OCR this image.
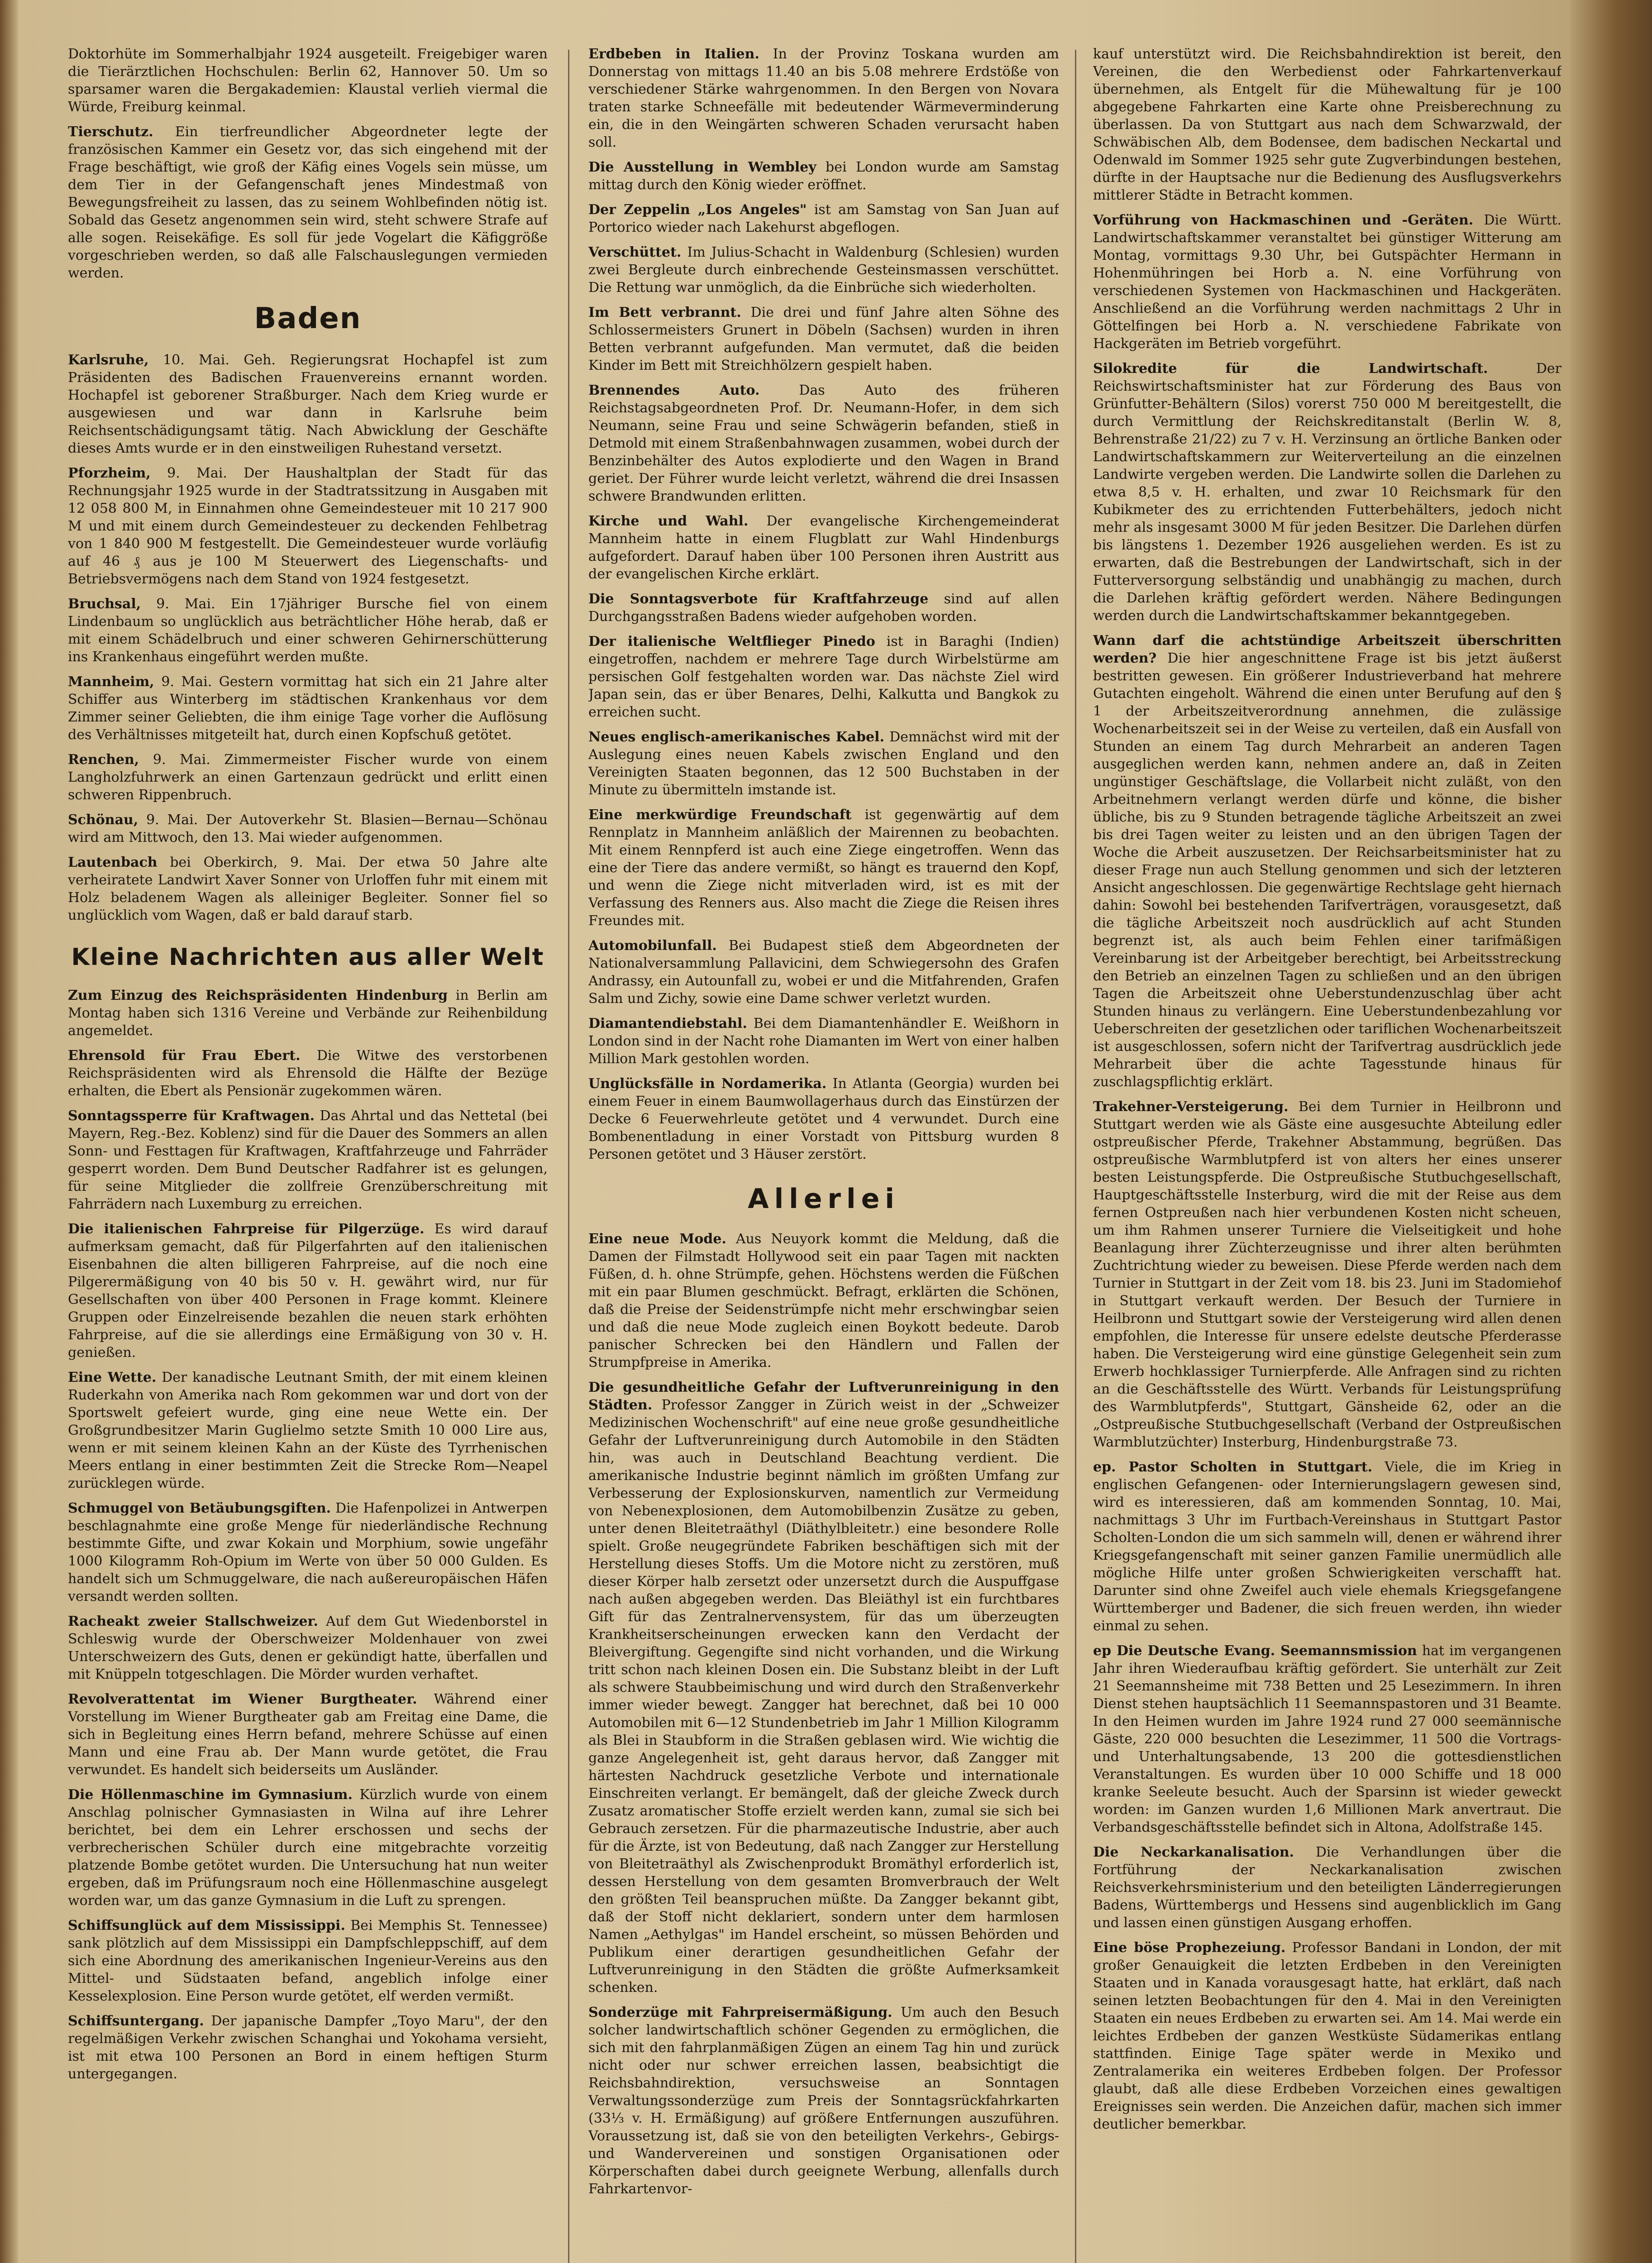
Doktorhüte im Sommerhalbjahr 1924 ausgeteilt. Freigebiger waren die Tierärztlichen Hochschulen: Berlin 62, Hannover 50. Um so sparsamer waren die Bergakademien: Klaustal verlieh viermal die Würde, Freiburg keinmal.

Tierschutz. Ein tierfreundlicher Abgeordneter legte der französischen Kammer ein Gesetz vor, das sich eingehend mit der Frage beschäftigt, wie groß der Käfig eines Vogels sein müsse, um dem Tier in der Gefangenschaft jenes Mindestmaß von Bewegungsfreiheit zu lassen, das zu seinem Wohlbefinden nötig ist. Sobald das Gesetz angenommen sein wird, steht schwere Strafe auf alle sogen. Reisekäfige. Es soll für jede Vogelart die Käfiggröße vorgeschrieben werden, so daß alle Falschauslegungen vermieden werden.

Baden

Karlsruhe, 10. Mai. Geh. Regierungsrat Hochapfel ist zum Präsidenten des Badischen Frauenvereins ernannt worden. Hochapfel ist geborener Straßburger. Nach dem Krieg wurde er ausgewiesen und war dann in Karlsruhe beim Reichsentschädigungsamt tätig. Nach Abwicklung der Geschäfte dieses Amts wurde er in den einstweiligen Ruhestand versetzt.

Pforzheim, 9. Mai. Der Haushaltplan der Stadt für das Rechnungsjahr 1925 wurde in der Stadtratssitzung in Ausgaben mit 12 058 800 M, in Einnahmen ohne Gemeindesteuer mit 10 217 900 M und mit einem durch Gemeindesteuer zu deckenden Fehlbetrag von 1 840 900 M festgestellt. Die Gemeindesteuer wurde vorläufig auf 46 ₰ aus je 100 M Steuerwert des Liegenschafts- und Betriebsvermögens nach dem Stand von 1924 festgesetzt.

Bruchsal, 9. Mai. Ein 17jähriger Bursche fiel von einem Lindenbaum so unglücklich aus beträchtlicher Höhe herab, daß er mit einem Schädelbruch und einer schweren Gehirnerschütterung ins Krankenhaus eingeführt werden mußte.

Mannheim, 9. Mai. Gestern vormittag hat sich ein 21 Jahre alter Schiffer aus Winterberg im städtischen Krankenhaus vor dem Zimmer seiner Geliebten, die ihm einige Tage vorher die Auflösung des Verhältnisses mitgeteilt hat, durch einen Kopfschuß getötet.

Renchen, 9. Mai. Zimmermeister Fischer wurde von einem Langholzfuhrwerk an einen Gartenzaun gedrückt und erlitt einen schweren Rippenbruch.

Schönau, 9. Mai. Der Autoverkehr St. Blasien—Bernau—Schönau wird am Mittwoch, den 13. Mai wieder aufgenommen.

Lautenbach bei Oberkirch, 9. Mai. Der etwa 50 Jahre alte verheiratete Landwirt Xaver Sonner von Urloffen fuhr mit einem mit Holz beladenem Wagen als alleiniger Begleiter. Sonner fiel so unglücklich vom Wagen, daß er bald darauf starb.

Kleine Nachrichten aus aller Welt

Zum Einzug des Reichspräsidenten Hindenburg in Berlin am Montag haben sich 1316 Vereine und Verbände zur Reihenbildung angemeldet.

Ehrensold für Frau Ebert. Die Witwe des verstorbenen Reichspräsidenten wird als Ehrensold die Hälfte der Bezüge erhalten, die Ebert als Pensionär zugekommen wären.

Sonntagssperre für Kraftwagen. Das Ahrtal und das Nettetal (bei Mayern, Reg.-Bez. Koblenz) sind für die Dauer des Sommers an allen Sonn- und Festtagen für Kraftwagen, Kraftfahrzeuge und Fahrräder gesperrt worden. Dem Bund Deutscher Radfahrer ist es gelungen, für seine Mitglieder die zollfreie Grenzüberschreitung mit Fahrrädern nach Luxemburg zu erreichen.

Die italienischen Fahrpreise für Pilgerzüge. Es wird darauf aufmerksam gemacht, daß für Pilgerfahrten auf den italienischen Eisenbahnen die alten billigeren Fahrpreise, auf die noch eine Pilgerermäßigung von 40 bis 50 v. H. gewährt wird, nur für Gesellschaften von über 400 Personen in Frage kommt. Kleinere Gruppen oder Einzelreisende bezahlen die neuen stark erhöhten Fahrpreise, auf die sie allerdings eine Ermäßigung von 30 v. H. genießen.

Eine Wette. Der kanadische Leutnant Smith, der mit einem kleinen Ruderkahn von Amerika nach Rom gekommen war und dort von der Sportswelt gefeiert wurde, ging eine neue Wette ein. Der Großgrundbesitzer Marin Guglielmo setzte Smith 10 000 Lire aus, wenn er mit seinem kleinen Kahn an der Küste des Tyrrhenischen Meers entlang in einer bestimmten Zeit die Strecke Rom—Neapel zurücklegen würde.

Schmuggel von Betäubungsgiften. Die Hafenpolizei in Antwerpen beschlagnahmte eine große Menge für niederländische Rechnung bestimmte Gifte, und zwar Kokain und Morphium, sowie ungefähr 1000 Kilogramm Roh-Opium im Werte von über 50 000 Gulden. Es handelt sich um Schmuggelware, die nach außereuropäischen Häfen versandt werden sollten.

Racheakt zweier Stallschweizer. Auf dem Gut Wiedenborstel in Schleswig wurde der Oberschweizer Moldenhauer von zwei Unterschweizern des Guts, denen er gekündigt hatte, überfallen und mit Knüppeln totgeschlagen. Die Mörder wurden verhaftet.

Revolverattentat im Wiener Burgtheater. Während einer Vorstellung im Wiener Burgtheater gab am Freitag eine Dame, die sich in Begleitung eines Herrn befand, mehrere Schüsse auf einen Mann und eine Frau ab. Der Mann wurde getötet, die Frau verwundet. Es handelt sich beiderseits um Ausländer.

Die Höllenmaschine im Gymnasium. Kürzlich wurde von einem Anschlag polnischer Gymnasiasten in Wilna auf ihre Lehrer berichtet, bei dem ein Lehrer erschossen und sechs der verbrecherischen Schüler durch eine mitgebrachte vorzeitig platzende Bombe getötet wurden. Die Untersuchung hat nun weiter ergeben, daß im Prüfungsraum noch eine Höllenmaschine ausgelegt worden war, um das ganze Gymnasium in die Luft zu sprengen.

Schiffsunglück auf dem Mississippi. Bei Memphis St. Tennessee) sank plötzlich auf dem Mississippi ein Dampfschleppschiff, auf dem sich eine Abordnung des amerikanischen Ingenieur-Vereins aus den Mittel- und Südstaaten befand, angeblich infolge einer Kesselexplosion. Eine Person wurde getötet, elf werden vermißt.

Schiffsuntergang. Der japanische Dampfer „Toyo Maru", der den regelmäßigen Verkehr zwischen Schanghai und Yokohama versieht, ist mit etwa 100 Personen an Bord in einem heftigen Sturm untergegangen.

Erdbeben in Italien. In der Provinz Toskana wurden am Donnerstag von mittags 11.40 an bis 5.08 mehrere Erdstöße von verschiedener Stärke wahrgenommen. In den Bergen von Novara traten starke Schneefälle mit bedeutender Wärmeverminderung ein, die in den Weingärten schweren Schaden verursacht haben soll.

Die Ausstellung in Wembley bei London wurde am Samstag mittag durch den König wieder eröffnet.

Der Zeppelin „Los Angeles" ist am Samstag von San Juan auf Portorico wieder nach Lakehurst abgeflogen.

Verschüttet. Im Julius-Schacht in Waldenburg (Schlesien) wurden zwei Bergleute durch einbrechende Gesteinsmassen verschüttet. Die Rettung war unmöglich, da die Einbrüche sich wiederholten.

Im Bett verbrannt. Die drei und fünf Jahre alten Söhne des Schlossermeisters Grunert in Döbeln (Sachsen) wurden in ihren Betten verbrannt aufgefunden. Man vermutet, daß die beiden Kinder im Bett mit Streichhölzern gespielt haben.

Brennendes Auto.	Das Auto des früheren Reichstagsabgeordneten Prof. Dr. Neumann-Hofer, in dem sich Neumann, seine Frau und seine Schwägerin befanden, stieß in Detmold mit einem Straßenbahnwagen zusammen, wobei durch der Benzinbehälter des Autos explodierte und den Wagen in Brand geriet. Der Führer wurde leicht verletzt, während die drei Insassen schwere Brandwunden erlitten.

Kirche und Wahl. Der evangelische Kirchengemeinderat Mannheim hatte in einem Flugblatt zur Wahl Hindenburgs aufgefordert. Darauf haben über 100 Personen ihren Austritt aus der evangelischen Kirche erklärt.

Die Sonntagsverbote für Kraftfahrzeuge sind auf allen Durchgangsstraßen Badens wieder aufgehoben worden.

Der italienische Weltflieger Pinedo ist in Baraghi (Indien) eingetroffen, nachdem er mehrere Tage durch Wirbelstürme am persischen Golf festgehalten worden war. Das nächste Ziel wird Japan sein, das er über Benares, Delhi, Kalkutta und Bangkok zu erreichen sucht.

Neues englisch-amerikanisches Kabel. Demnächst wird mit der Auslegung eines neuen Kabels zwischen England und den Vereinigten Staaten begonnen, das 12 500 Buchstaben in der Minute zu übermitteln imstande ist.

Eine merkwürdige Freundschaft ist gegenwärtig auf dem Rennplatz in Mannheim anläßlich der Mairennen zu beobachten. Mit einem Rennpferd ist auch eine Ziege eingetroffen. Wenn das eine der Tiere das andere vermißt, so hängt es trauernd den Kopf, und wenn die Ziege nicht mitverladen wird, ist es mit der Verfassung des Renners aus. Also macht die Ziege die Reisen ihres Freundes mit.

Automobilunfall. Bei Budapest stieß dem Abgeordneten der Nationalversammlung Pallavicini, dem Schwiegersohn des Grafen Andrassy, ein Autounfall zu, wobei er und die Mitfahrenden, Grafen Salm und Zichy, sowie eine Dame schwer verletzt wurden.

Diamantendiebstahl. Bei dem Diamantenhändler E. Weißhorn in London sind in der Nacht rohe Diamanten im Wert von einer halben Million Mark gestohlen worden.

Unglücksfälle in Nordamerika. In Atlanta (Georgia) wurden bei einem Feuer in einem Baumwollagerhaus durch das Einstürzen der Decke 6 Feuerwehrleute getötet und 4 verwundet. Durch eine Bombenentladung in einer Vorstadt von Pittsburg wurden 8 Personen getötet und 3 Häuser zerstört.

Allerlei

Eine neue Mode. Aus Neuyork kommt die Meldung, daß die Damen der Filmstadt Hollywood seit ein paar Tagen mit nackten Füßen, d. h. ohne Strümpfe, gehen. Höchstens werden die Füßchen mit ein paar Blumen geschmückt. Befragt, erklärten die Schönen, daß die Preise der Seidenstrümpfe nicht mehr erschwingbar seien und daß die neue Mode zugleich einen Boykott bedeute. Darob panischer Schrecken bei den Händlern und Fallen der Strumpfpreise in Amerika.

Die gesundheitliche Gefahr der Luftverunreinigung in den Städten. Professor Zangger in Zürich weist in der „Schweizer Medizinischen Wochenschrift" auf eine neue große gesundheitliche Gefahr der Luftverunreinigung durch Automobile in den Städten hin, was auch in Deutschland Beachtung verdient. Die amerikanische Industrie beginnt nämlich im größten Umfang zur Verbesserung der Explosionskurven, namentlich zur Vermeidung von Nebenexplosionen, dem Automobilbenzin Zusätze zu geben, unter denen Bleitetraäthyl (Diäthylbleitetr.) eine besondere Rolle spielt. Große neugegründete Fabriken beschäftigen sich mit der Herstellung dieses Stoffs. Um die Motore nicht zu zerstören, muß dieser Körper halb zersetzt oder unzersetzt durch die Auspuffgase nach außen abgegeben werden. Das Bleiäthyl ist ein furchtbares Gift für das Zentralnervensystem, für das um überzeugten Krankheitserscheinungen erwecken kann den Verdacht der Bleivergiftung. Gegengifte sind nicht vorhanden, und die Wirkung tritt schon nach kleinen Dosen ein. Die Substanz bleibt in der Luft als schwere Staubbeimischung und wird durch den Straßenverkehr immer wieder bewegt. Zangger hat berechnet, daß bei 10 000 Automobilen mit 6—12 Stundenbetrieb im Jahr 1 Million Kilogramm als Blei in Staubform in die Straßen geblasen wird. Wie wichtig die ganze Angelegenheit ist, geht daraus hervor, daß Zangger mit härtesten Nachdruck gesetzliche Verbote und internationale Einschreiten verlangt. Er bemängelt, daß der gleiche Zweck durch Zusatz aromatischer Stoffe erzielt werden kann, zumal sie sich bei Gebrauch zersetzen. Für die pharmazeutische Industrie, aber auch für die Ärzte, ist von Bedeutung, daß nach Zangger zur Herstellung von Bleitetraäthyl als Zwischenprodukt Bromäthyl erforderlich ist, dessen Herstellung von dem gesamten Bromverbrauch der Welt den größten Teil beanspruchen müßte. Da Zangger bekannt gibt, daß der Stoff nicht deklariert, sondern unter dem harmlosen Namen „Aethylgas" im Handel erscheint, so müssen Behörden und Publikum einer derartigen gesundheitlichen Gefahr der Luftverunreinigung in den Städten die größte Aufmerksamkeit schenken.

Sonderzüge mit Fahrpreisermäßigung. Um auch den Besuch solcher landwirtschaftlich schöner Gegenden zu ermöglichen, die sich mit den fahrplanmäßigen Zügen an einem Tag hin und zurück nicht oder nur schwer erreichen lassen, beabsichtigt die Reichsbahndirektion, versuchsweise an Sonntagen Verwaltungssonderzüge zum Preis der Sonntagsrückfahrkarten (33⅓ v. H. Ermäßigung) auf größere Entfernungen auszuführen. Voraussetzung ist, daß sie von den beteiligten Verkehrs-, Gebirgs- und Wandervereinen und sonstigen Organisationen oder Körperschaften dabei durch geeignete Werbung, allenfalls durch Fahrkartenvor-

kauf unterstützt wird. Die Reichsbahndirektion ist bereit, den Vereinen, die den Werbedienst oder Fahrkartenverkauf übernehmen, als Entgelt für die Mühewaltung für je 100 abgegebene Fahrkarten eine Karte ohne Preisberechnung zu überlassen. Da von Stuttgart aus nach dem Schwarzwald, der Schwäbischen Alb, dem Bodensee, dem badischen Neckartal und Odenwald im Sommer 1925 sehr gute Zugverbindungen bestehen, dürfte in der Hauptsache nur die Bedienung des Ausflugsverkehrs mittlerer Städte in Betracht kommen.

Vorführung von Hackmaschinen und -Geräten. Die Württ. Landwirtschaftskammer veranstaltet bei günstiger Witterung am Montag, vormittags 9.30 Uhr, bei Gutspächter Hermann in Hohenmühringen bei Horb a. N. eine Vorführung von verschiedenen Systemen von Hackmaschinen und Hackgeräten. Anschließend an die Vorführung werden nachmittags 2 Uhr in Göttelfingen bei Horb a. N. verschiedene Fabrikate von Hackgeräten im Betrieb vorgeführt.

Silokredite für die Landwirtschaft.	Der Reichswirtschaftsminister hat zur Förderung des Baus von Grünfutter-Behältern (Silos) vorerst 750 000 M bereitgestellt, die durch Vermittlung der Reichskreditanstalt (Berlin W. 8, Behrenstraße 21/22) zu 7 v. H. Verzinsung an örtliche Banken oder Landwirtschaftskammern zur Weiterverteilung an die einzelnen Landwirte vergeben werden. Die Landwirte sollen die Darlehen zu etwa 8,5 v. H. erhalten, und zwar 10 Reichsmark für den Kubikmeter des zu errichtenden Futterbehälters, jedoch nicht mehr als insgesamt 3000 M für jeden Besitzer. Die Darlehen dürfen bis längstens 1. Dezember 1926 ausgeliehen werden. Es ist zu erwarten, daß die Bestrebungen der Landwirtschaft, sich in der Futterversorgung selbständig und unabhängig zu machen, durch die Darlehen kräftig gefördert werden. Nähere Bedingungen werden durch die Landwirtschaftskammer bekanntgegeben.

Wann darf die achtstündige Arbeitszeit überschritten werden? Die hier angeschnittene Frage ist bis jetzt äußerst bestritten gewesen. Ein größerer Industrieverband hat mehrere Gutachten eingeholt. Während die einen unter Berufung auf den § 1 der Arbeitszeitverordnung annehmen, die zulässige Wochenarbeitszeit sei in der Weise zu verteilen, daß ein Ausfall von Stunden an einem Tag durch Mehrarbeit an anderen Tagen ausgeglichen werden kann, nehmen andere an, daß in Zeiten ungünstiger Geschäftslage, die Vollarbeit nicht zuläßt, von den Arbeitnehmern verlangt werden dürfe und könne, die bisher übliche, bis zu 9 Stunden betragende tägliche Arbeitszeit an zwei bis drei Tagen weiter zu leisten und an den übrigen Tagen der Woche die Arbeit auszusetzen. Der Reichsarbeitsminister hat zu dieser Frage nun auch Stellung genommen und sich der letzteren Ansicht angeschlossen. Die gegenwärtige Rechtslage geht hiernach dahin: Sowohl bei bestehenden Tarifverträgen, vorausgesetzt, daß die tägliche Arbeitszeit noch ausdrücklich auf acht Stunden begrenzt ist, als auch beim Fehlen einer tarifmäßigen Vereinbarung ist der Arbeitgeber berechtigt, bei Arbeitsstreckung den Betrieb an einzelnen Tagen zu schließen und an den übrigen Tagen die Arbeitszeit ohne Ueberstundenzuschlag über acht Stunden hinaus zu verlängern. Eine Ueberstundenbezahlung vor Ueberschreiten der gesetzlichen oder tariflichen Wochenarbeitszeit ist ausgeschlossen, sofern nicht der Tarifvertrag ausdrücklich jede Mehrarbeit über die achte Tagesstunde hinaus für zuschlagspflichtig erklärt.

Trakehner-Versteigerung. Bei dem Turnier in Heilbronn und Stuttgart werden wie als Gäste eine ausgesuchte Abteilung edler ostpreußischer Pferde, Trakehner Abstammung, begrüßen. Das ostpreußische Warmblutpferd ist von alters her eines unserer besten Leistungspferde. Die Ostpreußische Stutbuchgesellschaft, Hauptgeschäftsstelle Insterburg, wird die mit der Reise aus dem fernen Ostpreußen nach hier verbundenen Kosten nicht scheuen, um ihm Rahmen unserer Turniere die Vielseitigkeit und hohe Beanlagung ihrer Züchterzeugnisse und ihrer alten berühmten Zuchtrichtung wieder zu beweisen. Diese Pferde werden nach dem Turnier in Stuttgart in der Zeit vom 18. bis 23. Juni im Stadomiehof in Stuttgart verkauft werden. Der Besuch der Turniere in Heilbronn und Stuttgart sowie der Versteigerung wird allen denen empfohlen, die Interesse für unsere edelste deutsche Pferderasse haben. Die Versteigerung wird eine günstige Gelegenheit sein zum Erwerb hochklassiger Turnierpferde. Alle Anfragen sind zu richten an die Geschäftsstelle des Württ. Verbands für Leistungsprüfung des Warmblutpferds", Stuttgart, Gänsheide 62, oder an die „Ostpreußische Stutbuchgesellschaft (Verband der Ostpreußischen Warmblutzüchter) Insterburg, Hindenburgstraße 73.

ep. Pastor Scholten in Stuttgart. Viele, die im Krieg in englischen Gefangenen- oder Internierungslagern gewesen sind, wird es interessieren, daß am kommenden Sonntag, 10. Mai, nachmittags 3 Uhr im Furtbach-Vereinshaus in Stuttgart Pastor Scholten-London die um sich sammeln will, denen er während ihrer Kriegsgefangenschaft mit seiner ganzen Familie unermüdlich alle mögliche Hilfe unter großen Schwierigkeiten verschafft hat. Darunter sind ohne Zweifel auch viele ehemals Kriegsgefangene Württemberger und Badener, die sich freuen werden, ihn wieder einmal zu sehen.

ep Die Deutsche Evang. Seemannsmission hat im vergangenen Jahr ihren Wiederaufbau kräftig gefördert. Sie unterhält zur Zeit 21 Seemannsheime mit 738 Betten und 25 Lesezimmern. In ihren Dienst stehen hauptsächlich 11 Seemannspastoren und 31 Beamte. In den Heimen wurden im Jahre 1924 rund 27 000 seemännische Gäste, 220 000 besuchten die Lesezimmer, 11 500 die Vortrags- und Unterhaltungsabende, 13 200 die gottesdienstlichen Veranstaltungen. Es wurden über 10 000 Schiffe und 18 000 kranke Seeleute besucht. Auch der Sparsinn ist wieder geweckt worden: im Ganzen wurden 1,6 Millionen Mark anvertraut. Die Verbandsgeschäftsstelle befindet sich in Altona, Adolfstraße 145.

Die Neckarkanalisation. Die Verhandlungen über die Fortführung der Neckarkanalisation zwischen Reichsverkehrsministerium und den beteiligten Länderregierungen Badens, Württembergs und Hessens sind augenblicklich im Gang und lassen einen günstigen Ausgang erhoffen.

Eine böse Prophezeiung. Professor Bandani in London, der mit großer Genauigkeit die letzten Erdbeben in den Vereinigten Staaten und in Kanada vorausgesagt hatte, hat erklärt, daß nach seinen letzten Beobachtungen für den 4. Mai in den Vereinigten Staaten ein neues Erdbeben zu erwarten sei. Am 14. Mai werde ein leichtes Erdbeben der ganzen Westküste Südamerikas entlang stattfinden. Einige Tage später werde in Mexiko und Zentralamerika ein weiteres Erdbeben folgen. Der Professor glaubt, daß alle diese Erdbeben Vorzeichen eines gewaltigen Ereignisses sein werden. Die Anzeichen dafür, machen sich immer deutlicher bemerkbar.
